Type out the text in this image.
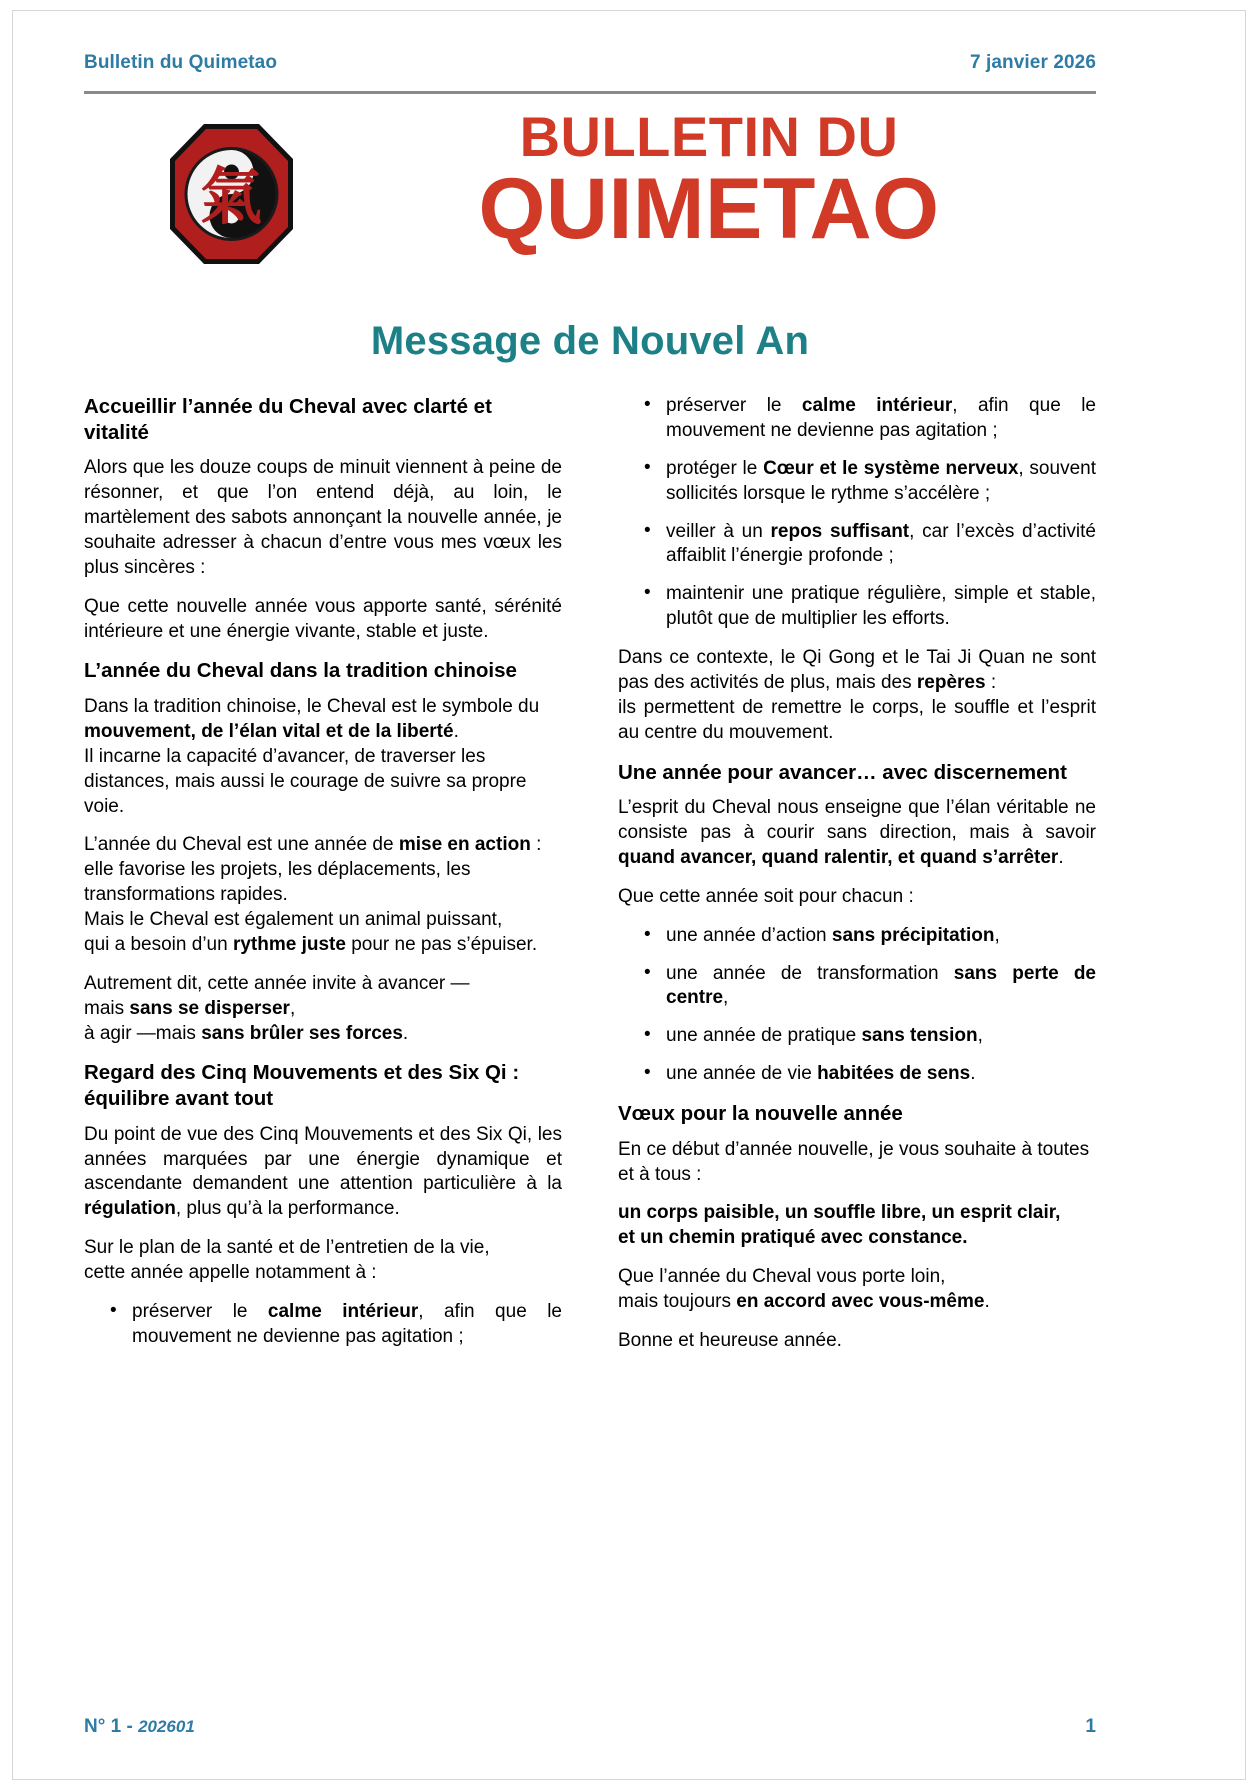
Bulletin du Quimetao	7 janvier 2026
氣
BULLETIN DU
QUIMETAO
Message de Nouvel An
Accueillir l’année du Cheval avec clarté et vitalité

Alors que les douze coups de minuit viennent à peine de résonner, et que l’on entend déjà, au loin, le martèlement des sabots annonçant la nouvelle année, je souhaite adresser à chacun d’entre vous mes vœux les plus sincères :

Que cette nouvelle année vous apporte santé, sérénité intérieure et une énergie vivante, stable et juste.

L’année du Cheval dans la tradition chinoise

Dans la tradition chinoise, le Cheval est le symbole du mouvement, de l’élan vital et de la liberté.
Il incarne la capacité d’avancer, de traverser les distances, mais aussi le courage de suivre sa propre voie.

L’année du Cheval est une année de mise en action :
elle favorise les projets, les déplacements, les transformations rapides.
Mais le Cheval est également un animal puissant,
qui a besoin d’un rythme juste pour ne pas s’épuiser.

Autrement dit, cette année invite à avancer —
mais sans se disperser,
à agir —mais sans brûler ses forces.

Regard des Cinq Mouvements et des Six Qi : équilibre avant tout

Du point de vue des Cinq Mouvements et des Six Qi, les années marquées par une énergie dynamique et ascendante demandent une attention particulière à la régulation, plus qu’à la performance.

Sur le plan de la santé et de l’entretien de la vie,
cette année appelle notamment à :

• préserver le calme intérieur, afin que le mouvement ne devienne pas agitation ;
• préserver le calme intérieur, afin que le mouvement ne devienne pas agitation ;
• protéger le Cœur et le système nerveux, souvent sollicités lorsque le rythme s’accélère ;
• veiller à un repos suffisant, car l’excès d’activité affaiblit l’énergie profonde ;
• maintenir une pratique régulière, simple et stable, plutôt que de multiplier les efforts.

Dans ce contexte, le Qi Gong et le Tai Ji Quan ne sont pas des activités de plus, mais des repères :
ils permettent de remettre le corps, le souffle et l’esprit au centre du mouvement.

Une année pour avancer… avec discernement

L’esprit du Cheval nous enseigne que l’élan véritable ne consiste pas à courir sans direction, mais à savoir quand avancer, quand ralentir, et quand s’arrêter.

Que cette année soit pour chacun :

• une année d’action sans précipitation,
• une année de transformation sans perte de centre,
• une année de pratique sans tension,
• une année de vie habitées de sens.
Vœux pour la nouvelle année

En ce début d’année nouvelle, je vous souhaite à toutes et à tous :

un corps paisible, un souffle libre, un esprit clair,
et un chemin pratiqué avec constance.

Que l’année du Cheval vous porte loin,
mais toujours en accord avec vous-même.

Bonne et heureuse année.

N° 1 - 202601	1
